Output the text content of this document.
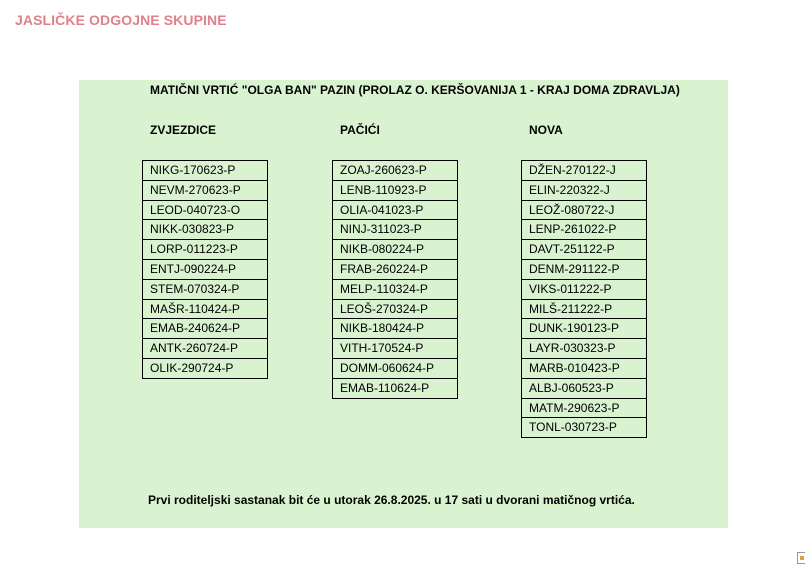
JASLIČKE ODGOJNE SKUPINE
MATIČNI VRTIĆ "OLGA BAN" PAZIN (PROLAZ O. KERŠOVANIJA 1 - KRAJ DOMA ZDRAVLJA)
ZVJEZDICE	PAČIĆI	NOVA
NIKG-170623-P
NEVM-270623-P
LEOD-040723-O
NIKK-030823-P
LORP-011223-P
ENTJ-090224-P
STEM-070324-P
MAŠR-110424-P
EMAB-240624-P
ANTK-260724-P
OLIK-290724-P
ZOAJ-260623-P
LENB-110923-P
OLIA-041023-P
NINJ-311023-P
NIKB-080224-P
FRAB-260224-P
MELP-110324-P
LEOŠ-270324-P
NIKB-180424-P
VITH-170524-P
DOMM-060624-P
EMAB-110624-P
DŽEN-270122-J
ELIN-220322-J
LEOŽ-080722-J
LENP-261022-P
DAVT-251122-P
DENM-291122-P
VIKS-011222-P
MILŠ-211222-P
DUNK-190123-P
LAYR-030323-P
MARB-010423-P
ALBJ-060523-P
MATM-290623-P
TONL-030723-P
Prvi roditeljski sastanak bit će u utorak 26.8.2025. u 17 sati u dvorani matičnog vrtića.
